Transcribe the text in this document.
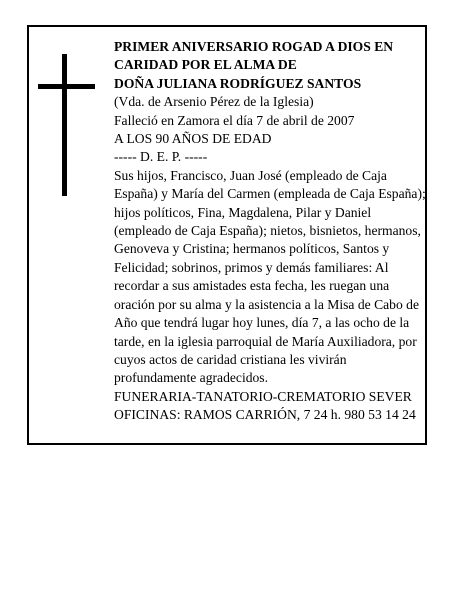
PRIMER ANIVERSARIO ROGAD A DIOS EN CARIDAD POR EL ALMA DE

DOÑA JULIANA RODRÍGUEZ SANTOS

(Vda. de Arsenio Pérez de la Iglesia)

Falleció en Zamora el día 7 de abril de 2007

A LOS 90 AÑOS DE EDAD

----- D. E. P. -----

Sus hijos, Francisco, Juan José (empleado de Caja España) y María del Carmen (empleada de Caja España); hijos políticos, Fina, Magdalena, Pilar y Daniel (empleado de Caja España); nietos, bisnietos, hermanos, Genoveva y Cristina; hermanos políticos, Santos y Felicidad; sobrinos, primos y demás familiares: Al recordar a sus amistades esta fecha, les ruegan una oración por su alma y la asistencia a la Misa de Cabo de Año que tendrá lugar hoy lunes, día 7, a las ocho de la tarde, en la iglesia parroquial de María Auxiliadora, por cuyos actos de caridad cristiana les vivirán profundamente agradecidos.

FUNERARIA-TANATORIO-CREMATORIO SEVER

OFICINAS: RAMOS CARRIÓN, 7 24 h. 980 53 14 24
